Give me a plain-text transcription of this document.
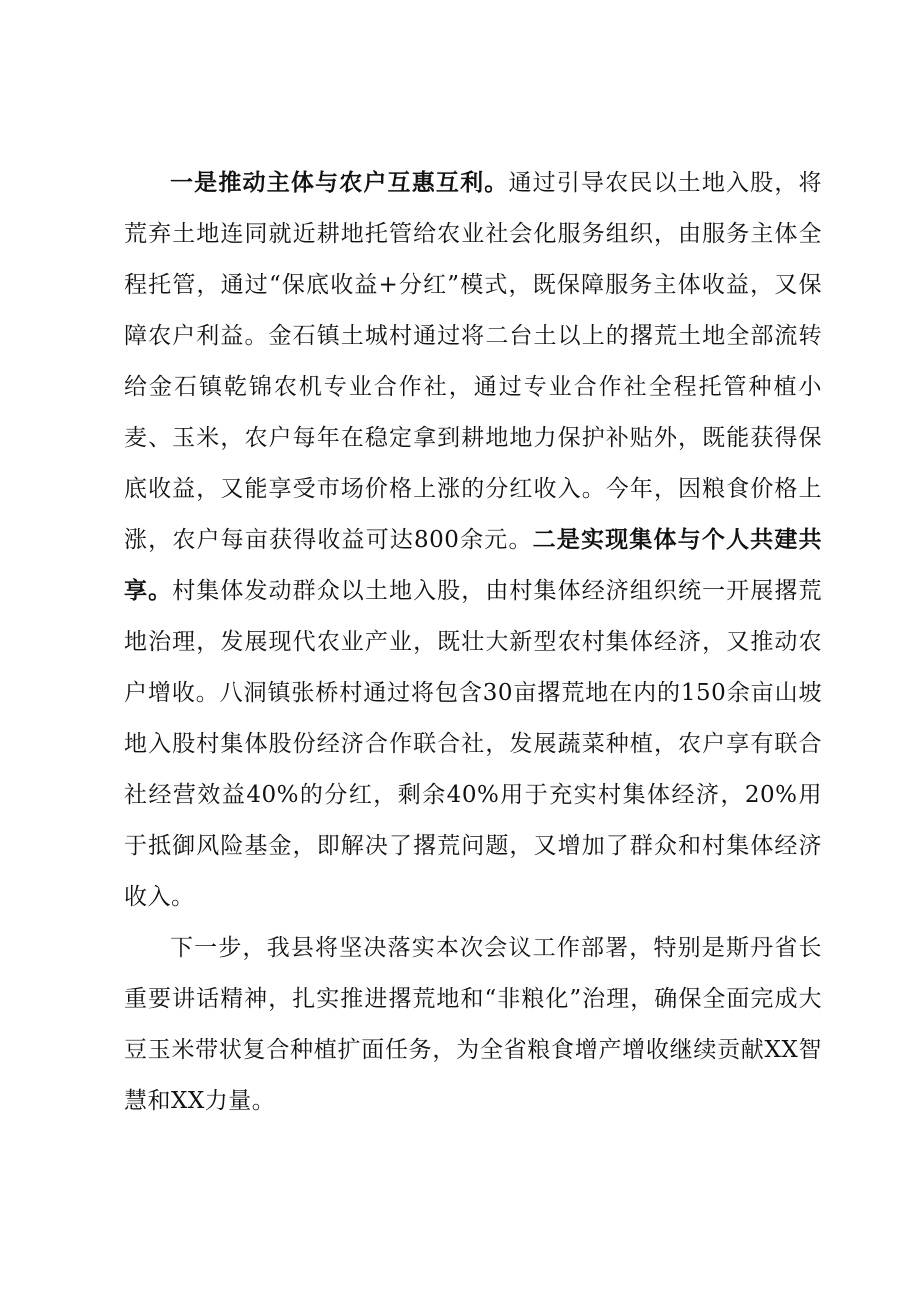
一是推动主体与农户互惠互利。通过引导农民以土地入股，将荒弃土地连同就近耕地托管给农业社会化服务组织，由服务主体全程托管，通过“保底收益+分红”模式，既保障服务主体收益，又保障农户利益。金石镇土城村通过将二台土以上的撂荒土地全部流转给金石镇乾锦农机专业合作社，通过专业合作社全程托管种植小麦、玉米，农户每年在稳定拿到耕地地力保护补贴外，既能获得保底收益，又能享受市场价格上涨的分红收入。今年，因粮食价格上涨，农户每亩获得收益可达800余元。二是实现集体与个人共建共享。村集体发动群众以土地入股，由村集体经济组织统一开展撂荒地治理，发展现代农业产业，既壮大新型农村集体经济，又推动农户增收。八洞镇张桥村通过将包含30亩撂荒地在内的150余亩山坡地入股村集体股份经济合作联合社，发展蔬菜种植，农户享有联合社经营效益40%的分红，剩余40%用于充实村集体经济，20%用于抵御风险基金，即解决了撂荒问题，又增加了群众和村集体经济收入。

下一步，我县将坚决落实本次会议工作部署，特别是斯丹省长重要讲话精神，扎实推进撂荒地和“非粮化”治理，确保全面完成大豆玉米带状复合种植扩面任务，为全省粮食增产增收继续贡献XX智慧和XX力量。
